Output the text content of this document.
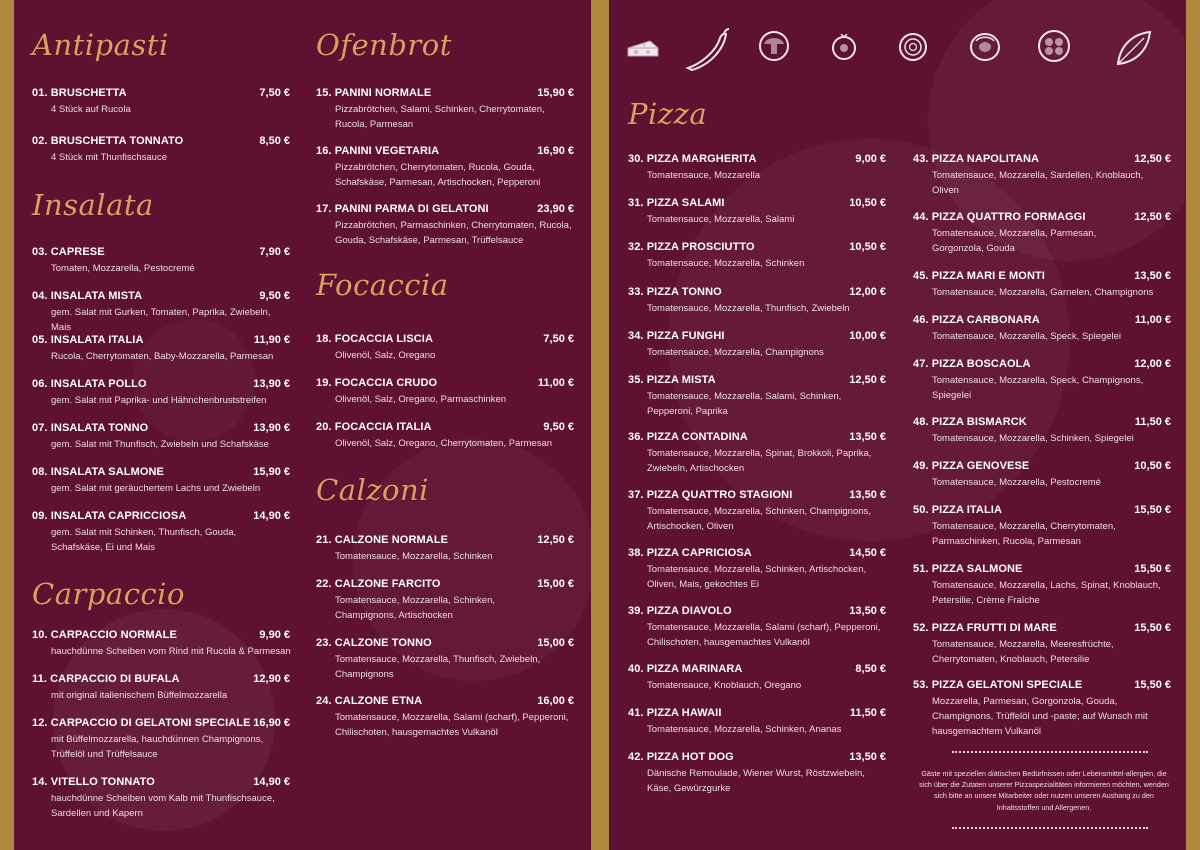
Antipasti
01. BRUSCHETTA	7,50 €
4 Stück auf Rucola
02. BRUSCHETTA TONNATO	8,50 €
4 Stück mit Thunfischsauce
Insalata
03. CAPRESE	7,90 €
Tomaten, Mozzarella, Pestocremé
04. INSALATA MISTA	9,50 €
gem. Salat mit Gurken, Tomaten, Paprika, Zwiebeln, Mais
05. INSALATA ITALIA	11,90 €
Rucola, Cherrytomaten, Baby-Mozzarella, Parmesan
06. INSALATA POLLO	13,90 €
gem. Salat mit Paprika- und Hähnchenbruststreifen
07. INSALATA TONNO	13,90 €
gem. Salat mit Thunfisch, Zwiebeln und Schafskäse
08. INSALATA SALMONE	15,90 €
gem. Salat mit geräuchertem Lachs und Zwiebeln
09. INSALATA CAPRICCIOSA	14,90 €
gem. Salat mit Schinken, Thunfisch, Gouda, Schafskäse, Ei und Mais
Carpaccio
10. CARPACCIO NORMALE	9,90 €
hauchdünne Scheiben vom Rind mit Rucola & Parmesan
11. CARPACCIO DI BUFALA	12,90 €
mit original italienischem Büffelmozzarella
12. CARPACCIO DI GELATONI SPECIALE 16,90 €
mit Büffelmozzarella, hauchdünnen Champignons, Trüffelöl und Trüffelsauce
14. VITELLO TONNATO	14,90 €
hauchdünne Scheiben vom Kalb mit Thunfischsauce, Sardellen und Kapern
Ofenbrot
15. PANINI NORMALE	15,90 €
Pizzabrötchen, Salami, Schinken, Cherrytomaten, Rucola, Parmesan
16. PANINI VEGETARIA	16,90 €
Pizzabrötchen, Cherrytomaten, Rucola, Gouda, Schafskäse, Parmesan, Artischocken, Pepperoni
17. PANINI PARMA DI GELATONI	23,90 €
Pizzabrötchen, Parmaschinken, Cherrytomaten, Rucola, Gouda, Schafskäse, Parmesan, Trüffelsauce
Focaccia
18. FOCACCIA LISCIA	7,50 €
Olivenöl, Salz, Oregano
19. FOCACCIA CRUDO	11,00 €
Olivenöl, Salz, Oregano, Parmaschinken
20. FOCACCIA ITALIA	9,50 €
Olivenöl, Salz, Oregano, Cherrytomaten, Parmesan
Calzoni
21. CALZONE NORMALE	12,50 €
Tomatensauce, Mozzarella, Schinken
22. CALZONE FARCITO	15,00 €
Tomatensauce, Mozzarella, Schinken, Champignons, Artischocken
23. CALZONE TONNO	15,00 €
Tomatensauce, Mozzarella, Thunfisch, Zwiebeln, Champignons
24. CALZONE ETNA	16,00 €
Tomatensauce, Mozzarella, Salami (scharf), Pepperoni, Chilischoten, hausgemachtes Vulkanöl
Pizza
30. PIZZA MARGHERITA	9,00 €
Tomatensauce, Mozzarella
31. PIZZA SALAMI	10,50 €
Tomatensauce, Mozzarella, Salami
32. PIZZA PROSCIUTTO	10,50 €
Tomatensauce, Mozzarella, Schinken
33. PIZZA TONNO	12,00 €
Tomatensauce, Mozzarella, Thunfisch, Zwiebeln
34. PIZZA FUNGHI	10,00 €
Tomatensauce, Mozzarella, Champignons
35. PIZZA MISTA	12,50 €
Tomatensauce, Mozzarella, Salami, Schinken, Pepperoni, Paprika
36. PIZZA CONTADINA	13,50 €
Tomatensauce, Mozzarella, Spinat, Brokkoli, Paprika, Zwiebeln, Artischocken
37. PIZZA QUATTRO STAGIONI	13,50 €
Tomatensauce, Mozzarella, Schinken, Champignons, Artischocken, Oliven
38. PIZZA CAPRICIOSA	14,50 €
Tomatensauce, Mozzarella, Schinken, Artischocken, Oliven, Mais, gekochtes Ei
39. PIZZA DIAVOLO	13,50 €
Tomatensauce, Mozzarella, Salami (scharf), Pepperoni, Chilischoten, hausgemachtes Vulkanöl
40. PIZZA MARINARA	8,50 €
Tomatensauce, Knoblauch, Oregano
41. PIZZA HAWAII	11,50 €
Tomatensauce, Mozzarella, Schinken, Ananas
42. PIZZA HOT DOG	13,50 €
Dänische Remoulade, Wiener Wurst, Röstzwiebeln, Käse, Gewürzgurke
43. PIZZA NAPOLITANA	12,50 €
Tomatensauce, Mozzarella, Sardellen, Knoblauch, Oliven
44. PIZZA QUATTRO FORMAGGI	12,50 €
Tomatensauce, Mozzarella, Parmesan, Gorgonzola, Gouda
45. PIZZA MARI E MONTI	13,50 €
Tomatensauce, Mozzarella, Garnelen, Champignons
46. PIZZA CARBONARA	11,00 €
Tomatensauce, Mozzarella, Speck, Spiegelei
47. PIZZA BOSCAOLA	12,00 €
Tomatensauce, Mozzarella, Speck, Champignons, Spiegelei
48. PIZZA BISMARCK	11,50 €
Tomatensauce, Mozzarella, Schinken, Spiegelei
49. PIZZA GENOVESE	10,50 €
Tomatensauce, Mozzarella, Pestocremé
50. PIZZA ITALIA	15,50 €
Tomatensauce, Mozzarella, Cherrytomaten, Parmaschinken, Rucola, Parmesan
51. PIZZA SALMONE	15,50 €
Tomatensauce, Mozzarella, Lachs, Spinat, Knoblauch, Petersilie, Crème Fraîche
52. PIZZA FRUTTI DI MARE	15,50 €
Tomatensauce, Mozzarella, Meeresfrüchte, Cherrytomaten, Knoblauch, Petersilie
53. PIZZA GELATONI SPECIALE	15,50 €
Mozzarella, Parmesan, Gorgonzola, Gouda, Champignons, Trüffelöl und -paste; auf Wunsch mit hausgemachtem Vulkanöl
Gäste mit speziellen diätischen Bedürfnissen oder Lebensmittel-allergien, die sich über die Zutaten unserer Pizzaspezialitäten informieren möchten, wenden sich bitte an unsere Mitarbeiter oder nutzen unseren Aushang zu den Inhaltsstoffen und Allergenen.
